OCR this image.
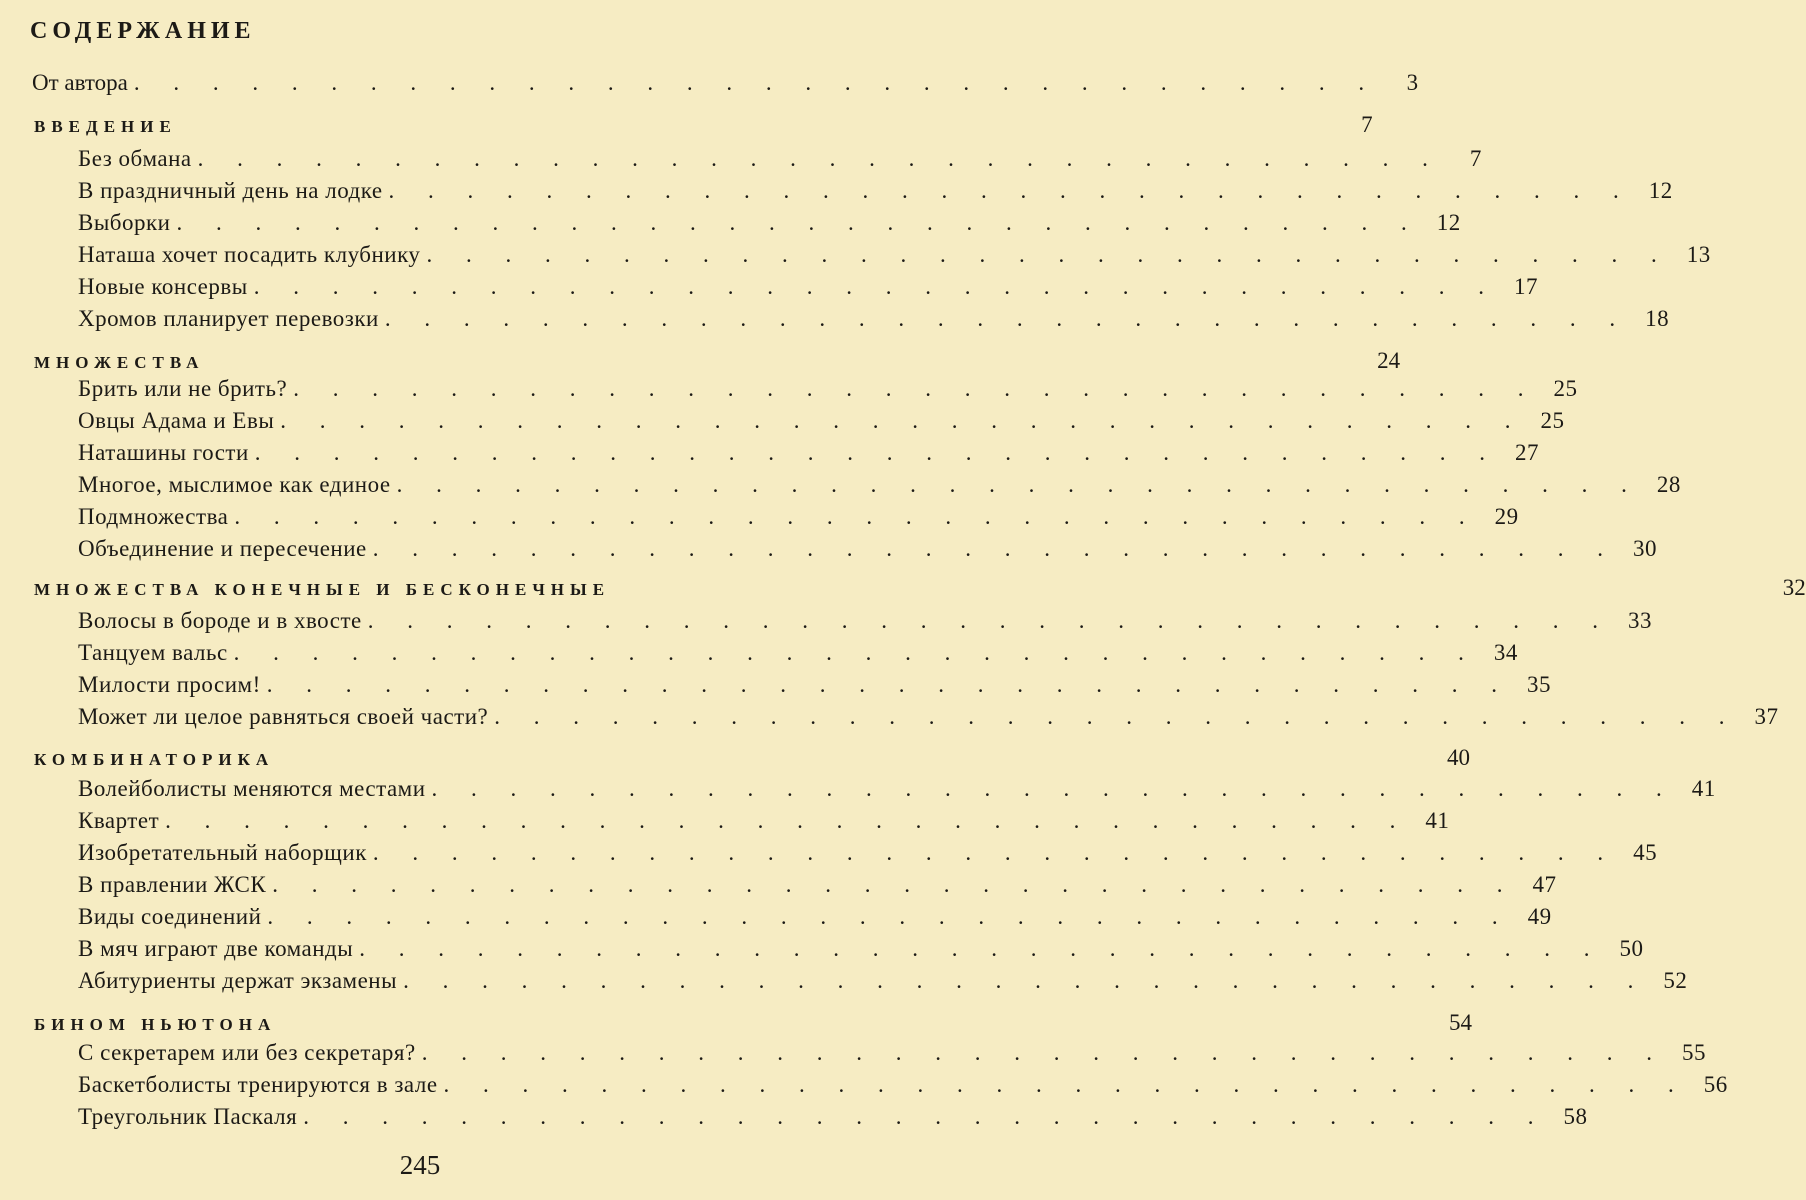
СОДЕРЖАНИЕ
От автора . . . . . . . . . . . . . . . . . . . . . . . . . . . . . . . .	3
ВВЕДЕНИЕ	7
Без обмана . . . . . . . . . . . . . . . . . . . . . . . . . . . . . . . .	7
В праздничный день на лодке . . . . . . . . . . . . . . . . . . . . . . . . . . . . . . . . 12
Выборки . . . . . . . . . . . . . . . . . . . . . . . . . . . . . . . . 12
Наташа хочет посадить клубнику . . . . . . . . . . . . . . . . . . . . . . . . . . . . . . . . 13
Новые консервы . . . . . . . . . . . . . . . . . . . . . . . . . . . . . . . . 17
Хромов планирует перевозки . . . . . . . . . . . . . . . . . . . . . . . . . . . . . . . . 18
МНОЖЕСТВА	24
Брить или не брить? . . . . . . . . . . . . . . . . . . . . . . . . . . . . . . . . 25
Овцы Адама и Евы . . . . . . . . . . . . . . . . . . . . . . . . . . . . . . . . 25
Наташины гости . . . . . . . . . . . . . . . . . . . . . . . . . . . . . . . . 27
Многое, мыслимое как единое . . . . . . . . . . . . . . . . . . . . . . . . . . . . . . . . 28
Подмножества . . . . . . . . . . . . . . . . . . . . . . . . . . . . . . . . 29
Объединение и пересечение . . . . . . . . . . . . . . . . . . . . . . . . . . . . . . . . 30
МНОЖЕСТВА КОНЕЧНЫЕ И БЕСКОНЕЧНЫЕ	32
Волосы в бороде и в хвосте . . . . . . . . . . . . . . . . . . . . . . . . . . . . . . . . 33
Танцуем вальс . . . . . . . . . . . . . . . . . . . . . . . . . . . . . . . . 34
Милости просим! . . . . . . . . . . . . . . . . . . . . . . . . . . . . . . . . 35
Может ли целое равняться своей части? . . . . . . . . . . . . . . . . . . . . . . . . . . . . . . . . 37
КОМБИНАТОРИКА	40
Волейболисты меняются местами . . . . . . . . . . . . . . . . . . . . . . . . . . . . . . . . 41
Квартет . . . . . . . . . . . . . . . . . . . . . . . . . . . . . . . . 41
Изобретательный наборщик . . . . . . . . . . . . . . . . . . . . . . . . . . . . . . . . 45
В правлении ЖСК . . . . . . . . . . . . . . . . . . . . . . . . . . . . . . . . 47
Виды соединений . . . . . . . . . . . . . . . . . . . . . . . . . . . . . . . . 49
В мяч играют две команды . . . . . . . . . . . . . . . . . . . . . . . . . . . . . . . . 50
Абитуриенты держат экзамены . . . . . . . . . . . . . . . . . . . . . . . . . . . . . . . . 52
БИНОМ НЬЮТОНА	54
С секретарем или без секретаря? . . . . . . . . . . . . . . . . . . . . . . . . . . . . . . . . 55
Баскетболисты тренируются в зале . . . . . . . . . . . . . . . . . . . . . . . . . . . . . . . . 56
Треугольник Паскаля . . . . . . . . . . . . . . . . . . . . . . . . . . . . . . . . 58
245
